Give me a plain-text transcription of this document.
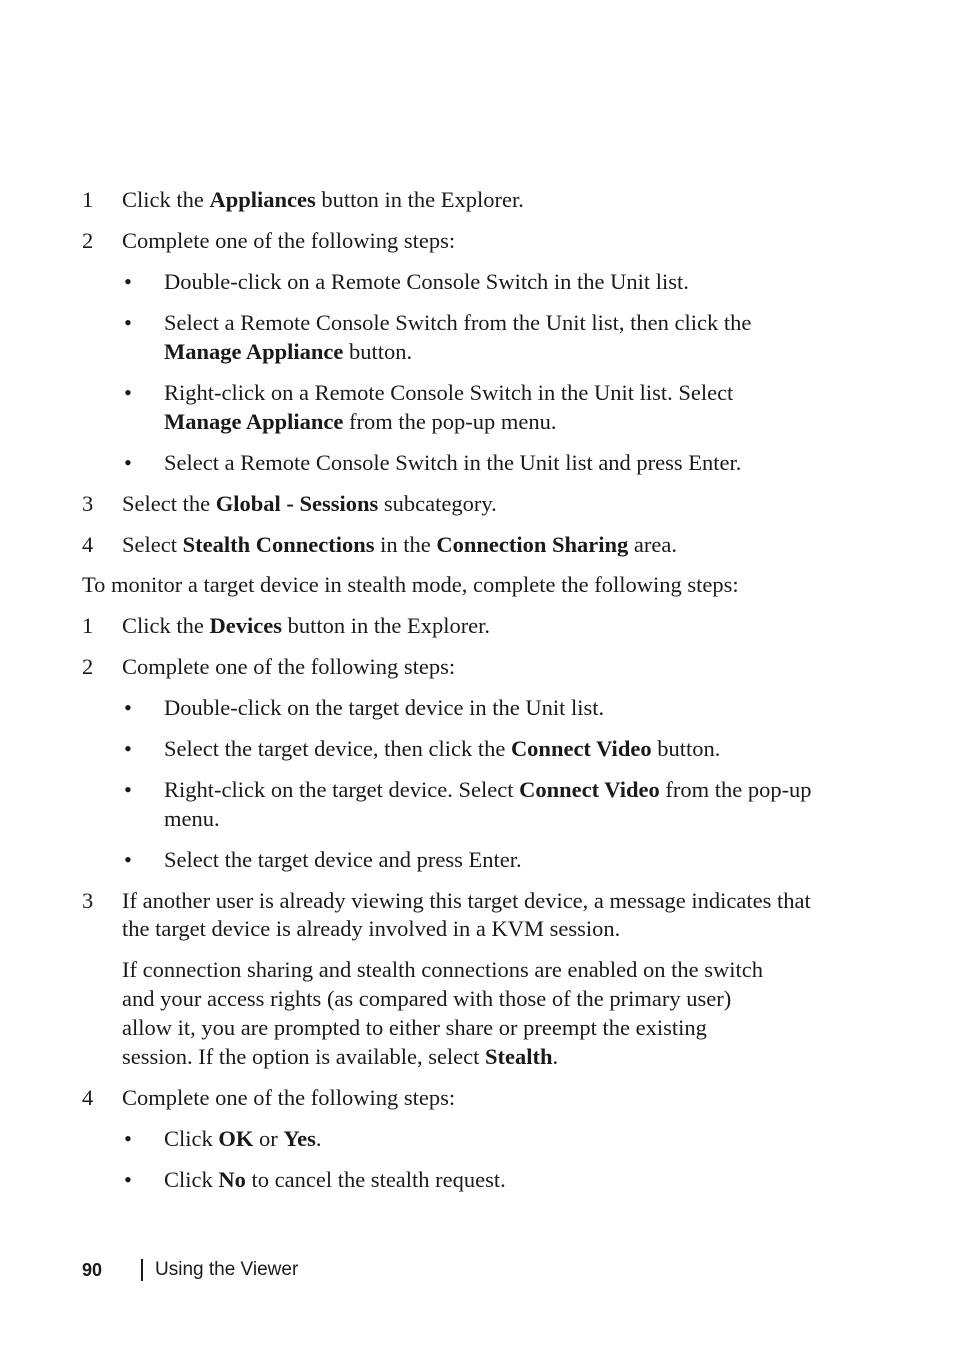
1 Click the Appliances button in the Explorer.
2 Complete one of the following steps:
• Double-click on a Remote Console Switch in the Unit list.
• Select a Remote Console Switch from the Unit list, then click the
Manage Appliance button.
• Right-click on a Remote Console Switch in the Unit list. Select
Manage Appliance from the pop-up menu.
• Select a Remote Console Switch in the Unit list and press Enter.
3 Select the Global - Sessions subcategory.
4 Select Stealth Connections in the Connection Sharing area.
To monitor a target device in stealth mode, complete the following steps:
1 Click the Devices button in the Explorer.
2 Complete one of the following steps:
• Double-click on the target device in the Unit list.
• Select the target device, then click the Connect Video button.
• Right-click on the target device. Select Connect Video from the pop-up
menu.
• Select the target device and press Enter.
3 If another user is already viewing this target device, a message indicates that
the target device is already involved in a KVM session.
If connection sharing and stealth connections are enabled on the switch
and your access rights (as compared with those of the primary user)
allow it, you are prompted to either share or preempt the existing
session. If the option is available, select Stealth.
4 Complete one of the following steps:
• Click OK or Yes.
• Click No to cancel the stealth request.
90	Using the Viewer
